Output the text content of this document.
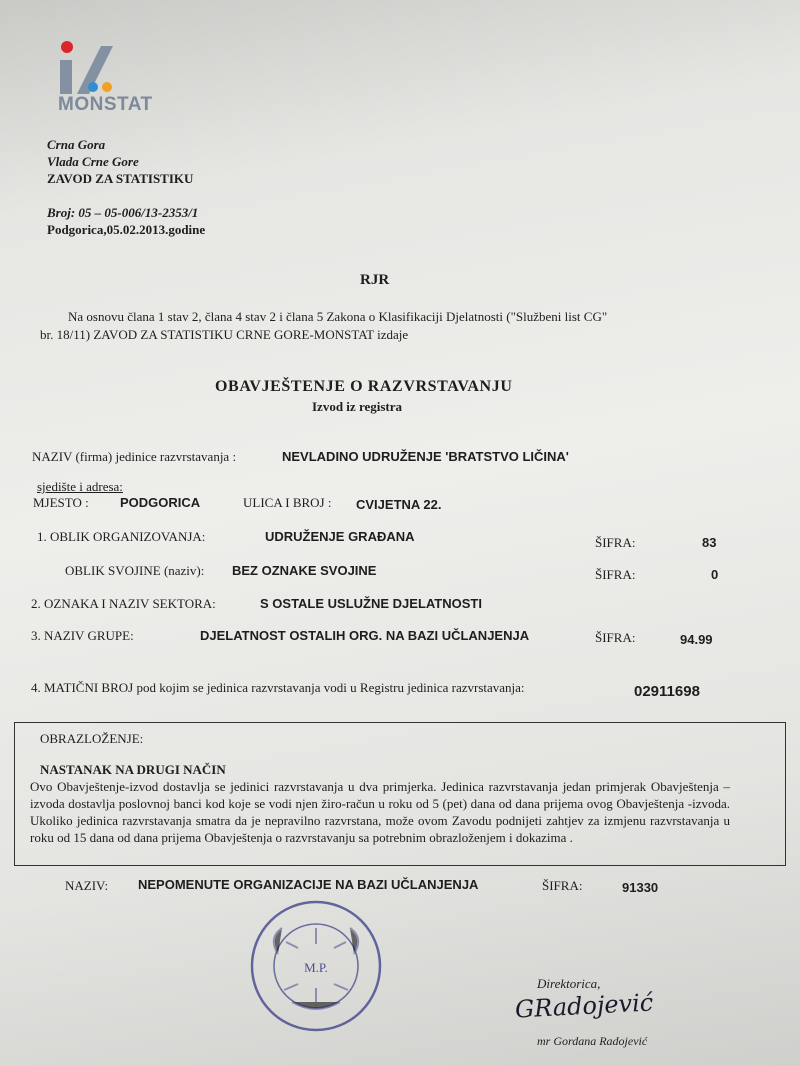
MONSTAT
Crna Gora
Vlada Crne Gore
ZAVOD ZA STATISTIKU
Broj: 05 – 05-006/13-2353/1
Podgorica,05.02.2013.godine
RJR
Na osnovu člana 1 stav 2, člana 4 stav 2 i člana 5 Zakona o Klasifikaciji Djelatnosti ("Službeni list CG"
br. 18/11) ZAVOD ZA STATISTIKU CRNE GORE-MONSTAT izdaje
OBAVJEŠTENJE O RAZVRSTAVANJU
Izvod iz registra
NAZIV (firma) jedinice razvrstavanja :	NEVLADINO UDRUŽENJE 'BRATSTVO LIČINA'
sjedište i adresa:
MJESTO : PODGORICA	ULICA I BROJ : CVIJETNA 22.
1. OBLIK ORGANIZOVANJA:	UDRUŽENJE GRAĐANA	ŠIFRA:	83
OBLIK SVOJINE (naziv): BEZ OZNAKE SVOJINE	ŠIFRA:	0
2. OZNAKA I NAZIV SEKTORA:	S OSTALE USLUŽNE DJELATNOSTI
3. NAZIV GRUPE:	DJELATNOST OSTALIH ORG. NA BAZI UČLANJENJA	ŠIFRA:	94.99
4. MATIČNI BROJ pod kojim se jedinica razvrstavanja vodi u Registru jedinica razvrstavanja:	02911698
OBRAZLOŽENJE:
NASTANAK NA DRUGI NAČIN
Ovo Obavještenje-izvod dostavlja se jedinici razvrstavanja u dva primjerka. Jedinica razvrstavanja jedan primjerak Obavještenja –izvoda dostavlja poslovnoj banci kod koje se vodi njen žiro-račun u roku od 5 (pet) dana od dana prijema ovog Obavještenja -izvoda. Ukoliko jedinica razvrstavanja smatra da je nepravilno razvrstana, može ovom Zavodu podnijeti zahtjev za izmjenu razvrstavanja u roku od 15 dana od dana prijema Obavještenja o razvrstavanju sa potrebnim obrazloženjem i dokazima .
NAZIV: NEPOMENUTE ORGANIZACIJE NA BAZI UČLANJENJA	ŠIFRA:	91330
M.P.
Direktorica,
GRadojević
mr Gordana Radojević
